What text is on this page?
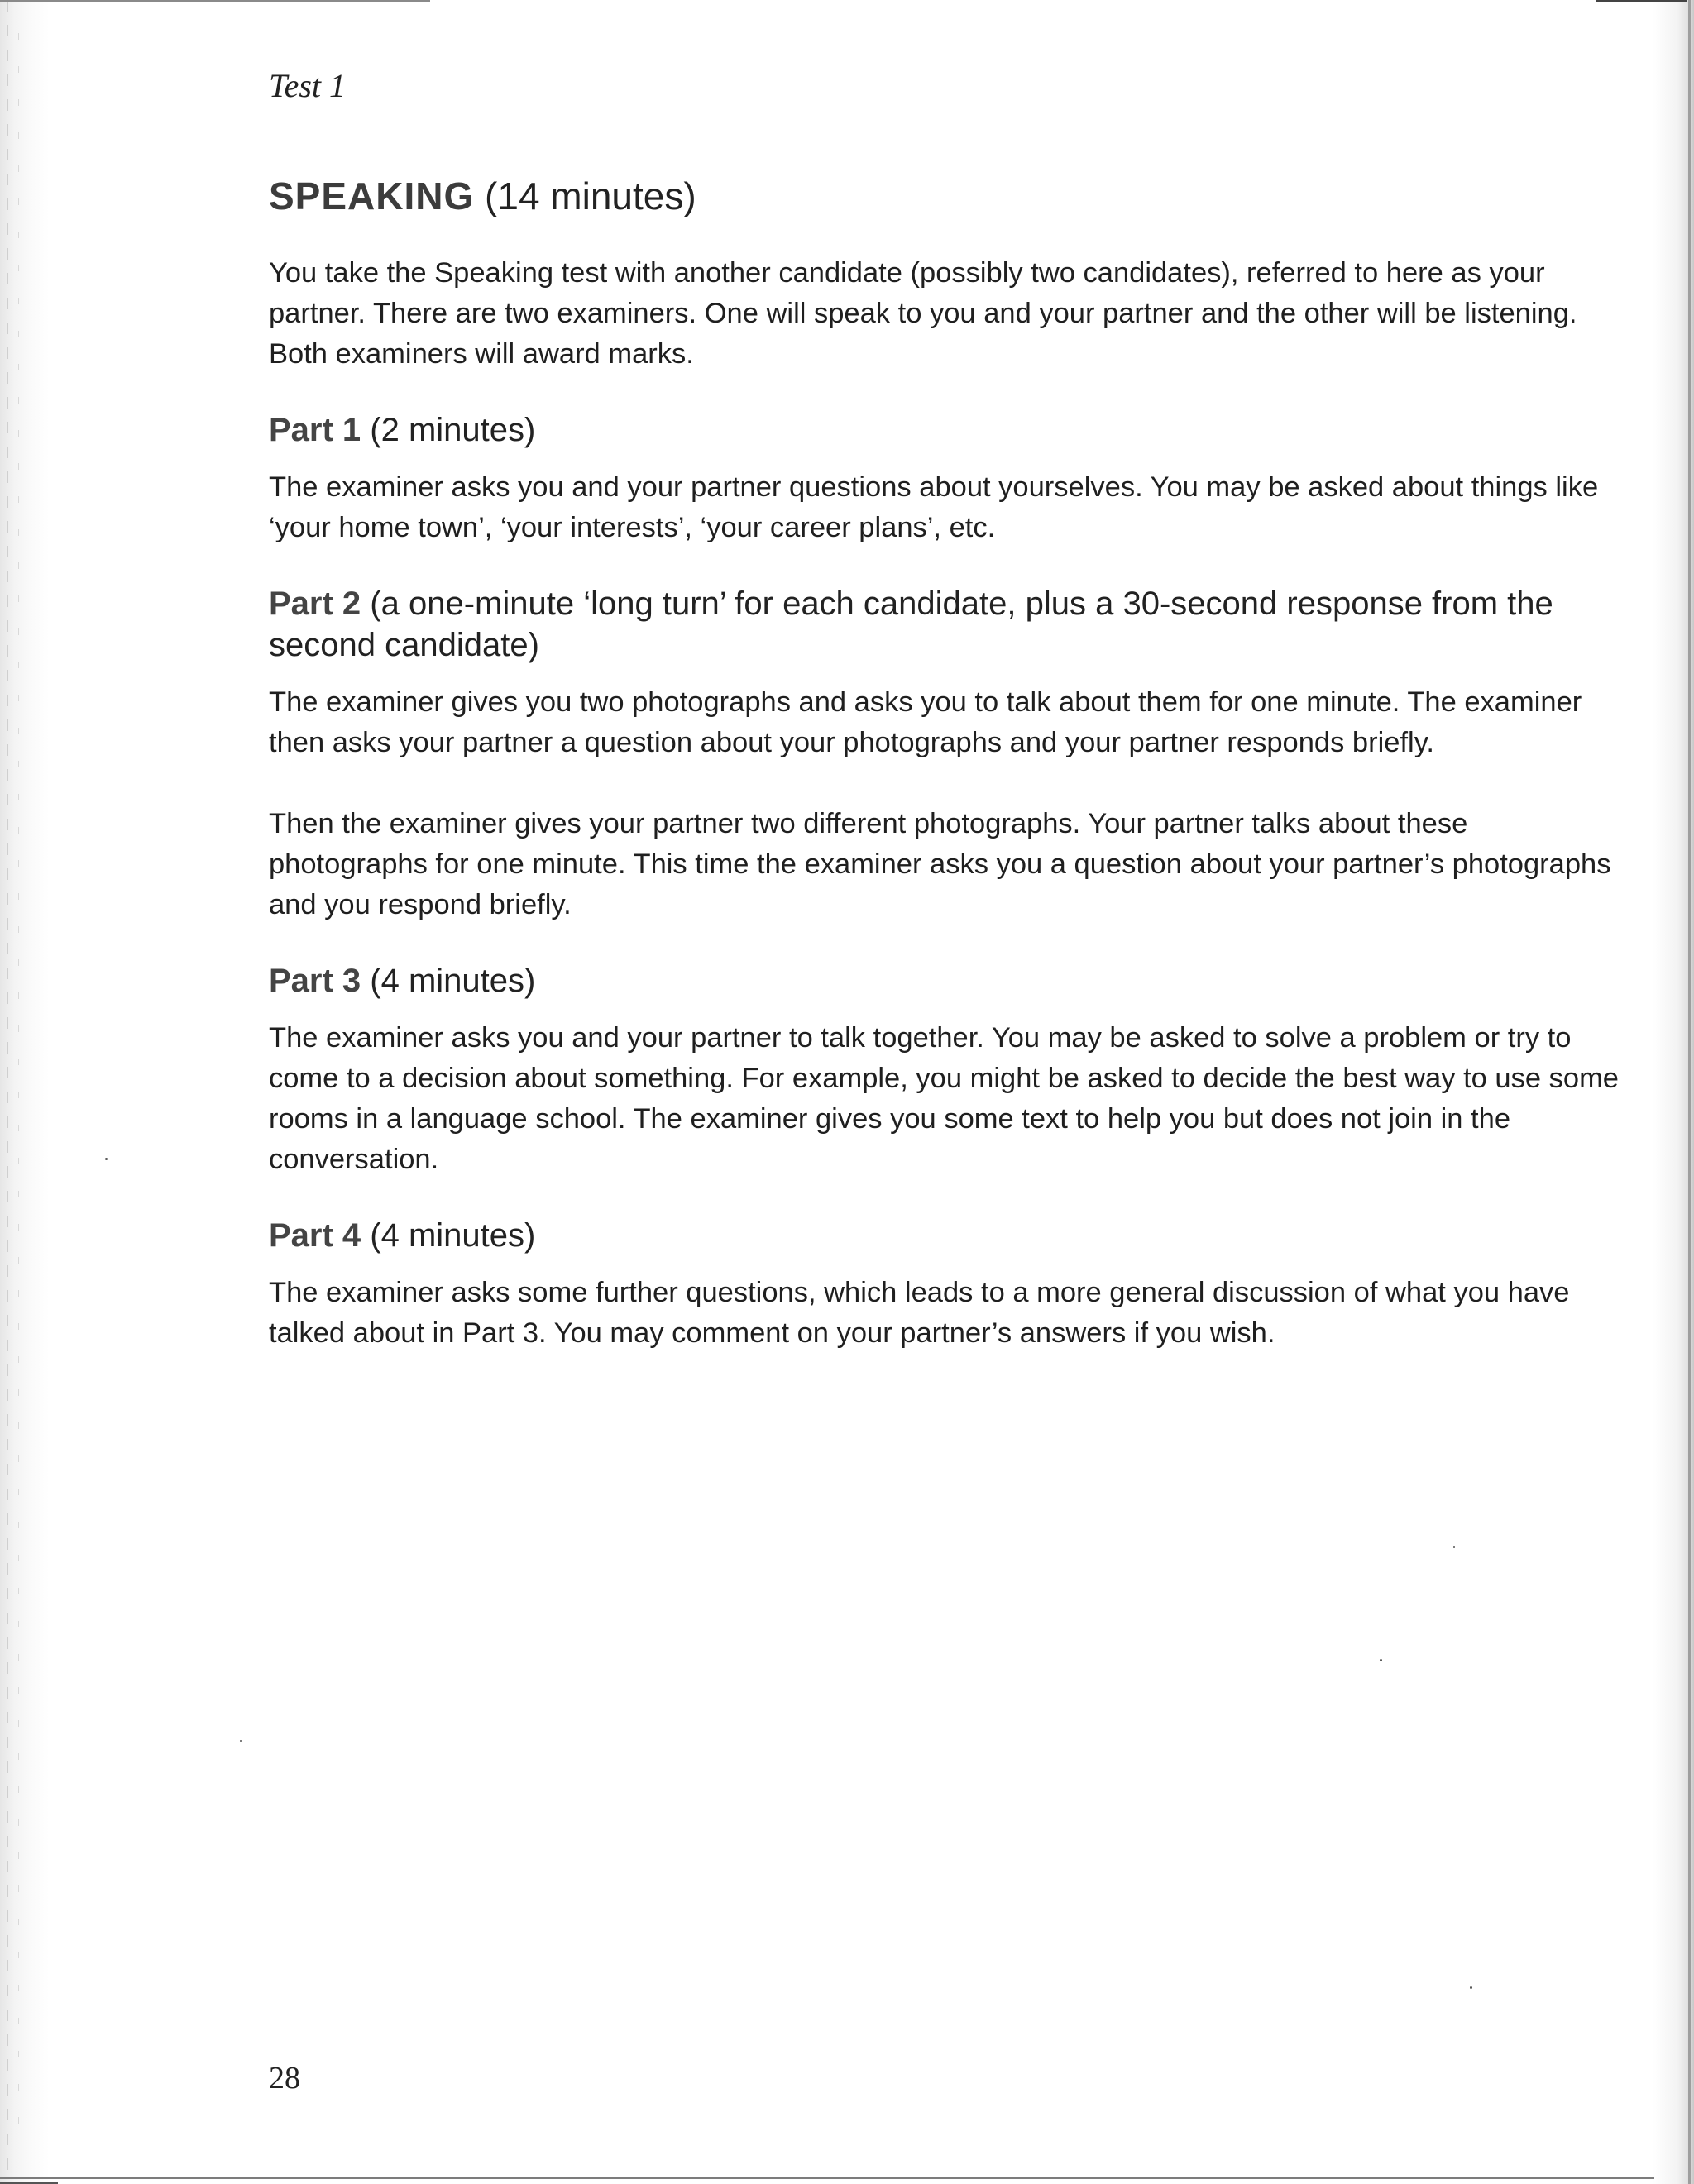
Test 1
SPEAKING (14 minutes)

You take the Speaking test with another candidate (possibly two candidates), referred to here as your partner. There are two examiners. One will speak to you and your partner and the other will be listening. Both examiners will award marks.

Part 1 (2 minutes)

The examiner asks you and your partner questions about yourselves. You may be asked about things like ‘your home town’, ‘your interests’, ‘your career plans’, etc.

Part 2 (a one-minute ‘long turn’ for each candidate, plus a 30-second response from the second candidate)

The examiner gives you two photographs and asks you to talk about them for one minute. The examiner then asks your partner a question about your photographs and your partner responds briefly.

Then the examiner gives your partner two different photographs. Your partner talks about these photographs for one minute. This time the examiner asks you a question about your partner’s photographs and you respond briefly.

Part 3 (4 minutes)

The examiner asks you and your partner to talk together. You may be asked to solve a problem or try to come to a decision about something. For example, you might be asked to decide the best way to use some rooms in a language school. The examiner gives you some text to help you but does not join in the conversation.

Part 4 (4 minutes)

The examiner asks some further questions, which leads to a more general discussion of what you have talked about in Part 3. You may comment on your partner’s answers if you wish.

28
